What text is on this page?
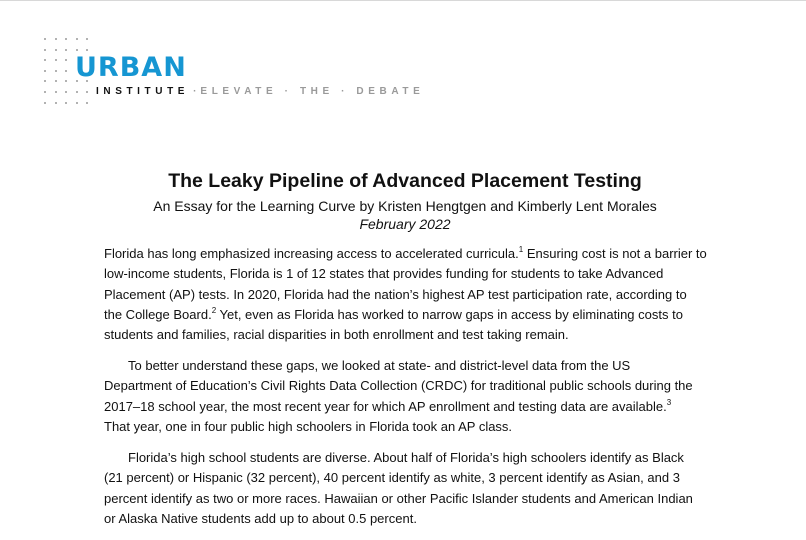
URBAN
INSTITUTE · ELEVATE · THE · DEBATE
The Leaky Pipeline of Advanced Placement Testing
An Essay for the Learning Curve by Kristen Hengtgen and Kimberly Lent Morales
February 2022
Florida has long emphasized increasing access to accelerated curricula.$^1$ Ensuring cost is not a barrier to
low-income students, Florida is 1 of 12 states that provides funding for students to take Advanced
Placement (AP) tests. In 2020, Florida had the nation’s highest AP test participation rate, according to
the College Board.$^2$ Yet, even as Florida has worked to narrow gaps in access by eliminating costs to
students and families, racial disparities in both enrollment and test taking remain.
To better understand these gaps, we looked at state- and district-level data from the US
Department of Education’s Civil Rights Data Collection (CRDC) for traditional public schools during the
2017–18 school year, the most recent year for which AP enrollment and testing data are available.$^3$
That year, one in four public high schoolers in Florida took an AP class.
Florida’s high school students are diverse. About half of Florida’s high schoolers identify as Black
(21 percent) or Hispanic (32 percent), 40 percent identify as white, 3 percent identify as Asian, and 3
percent identify as two or more races. Hawaiian or other Pacific Islander students and American Indian
or Alaska Native students add up to about 0.5 percent.
